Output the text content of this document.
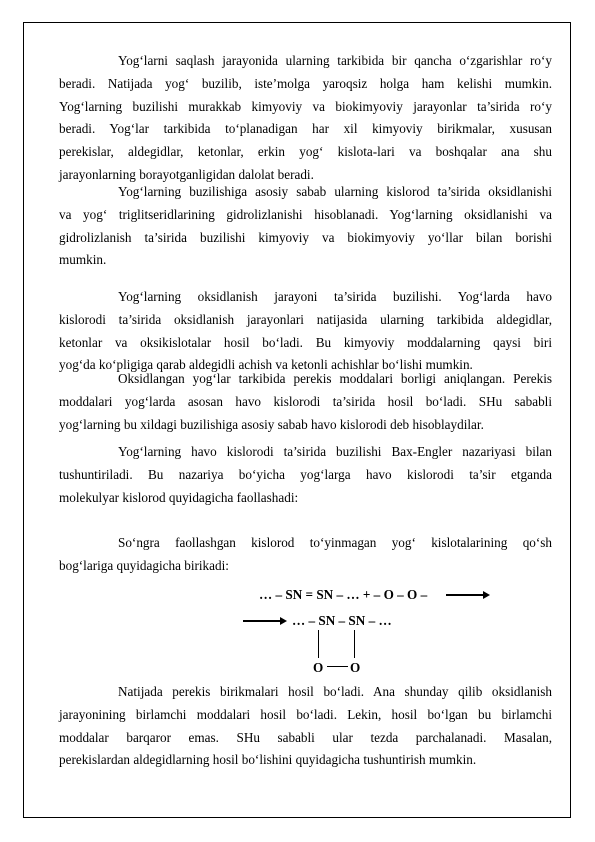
Yog‘larni saqlash jarayonida ularning tarkibida bir qancha o‘zgarishlar ro‘y
beradi. Natijada yog‘ buzilib, iste’molga yaroqsiz holga ham kelishi mumkin.
Yog‘larning buzilishi murakkab kimyoviy va biokimyoviy jarayonlar ta’sirida ro‘y
beradi. Yog‘lar tarkibida to‘planadigan har xil kimyoviy birikmalar, xususan
perekislar, aldegidlar, ketonlar, erkin yog‘ kislota-lari va boshqalar ana shu
jarayonlarning borayotganligidan dalolat beradi.
Yog‘larning buzilishiga asosiy sabab ularning kislorod ta’sirida oksidlanishi
va yog‘ triglitseridlarining gidrolizlanishi hisoblanadi. Yog‘larning oksidlanishi va
gidrolizlanish ta’sirida buzilishi kimyoviy va biokimyoviy yo‘llar bilan borishi
mumkin.
Yog‘larning oksidlanish jarayoni ta’sirida buzilishi. Yog‘larda havo
kislorodi ta’sirida oksidlanish jarayonlari natijasida ularning tarkibida aldegidlar,
ketonlar va oksikislotalar hosil bo‘ladi. Bu kimyoviy moddalarning qaysi biri
yog‘da ko‘pligiga qarab aldegidli achish va ketonli achishlar bo‘lishi mumkin.
Oksidlangan yog‘lar tarkibida perekis moddalari borligi aniqlangan. Perekis
moddalari yog‘larda asosan havo kislorodi ta’sirida hosil bo‘ladi. SHu sababli
yog‘larning bu xildagi buzilishiga asosiy sabab havo kislorodi deb hisoblaydilar.
Yog‘larning havo kislorodi ta’sirida buzilishi Bax-Engler nazariyasi bilan
tushuntiriladi. Bu nazariya bo‘yicha yog‘larga havo kislorodi ta’sir etganda
molekulyar kislorod quyidagicha faollashadi:
So‘ngra faollashgan kislorod to‘yinmagan yog‘ kislotalarining qo‘sh
bog‘lariga quyidagicha birikadi:
Natijada perekis birikmalari hosil bo‘ladi. Ana shunday qilib oksidlanish
jarayonining birlamchi moddalari hosil bo‘ladi. Lekin, hosil bo‘lgan bu birlamchi
moddalar barqaror emas. SHu sababli ular tezda parchalanadi. Masalan,
perekislardan aldegidlarning hosil bo‘lishini quyidagicha tushuntirish mumkin.
… – SN = SN – … + – O – O –
… – SN – SN – …
O O
